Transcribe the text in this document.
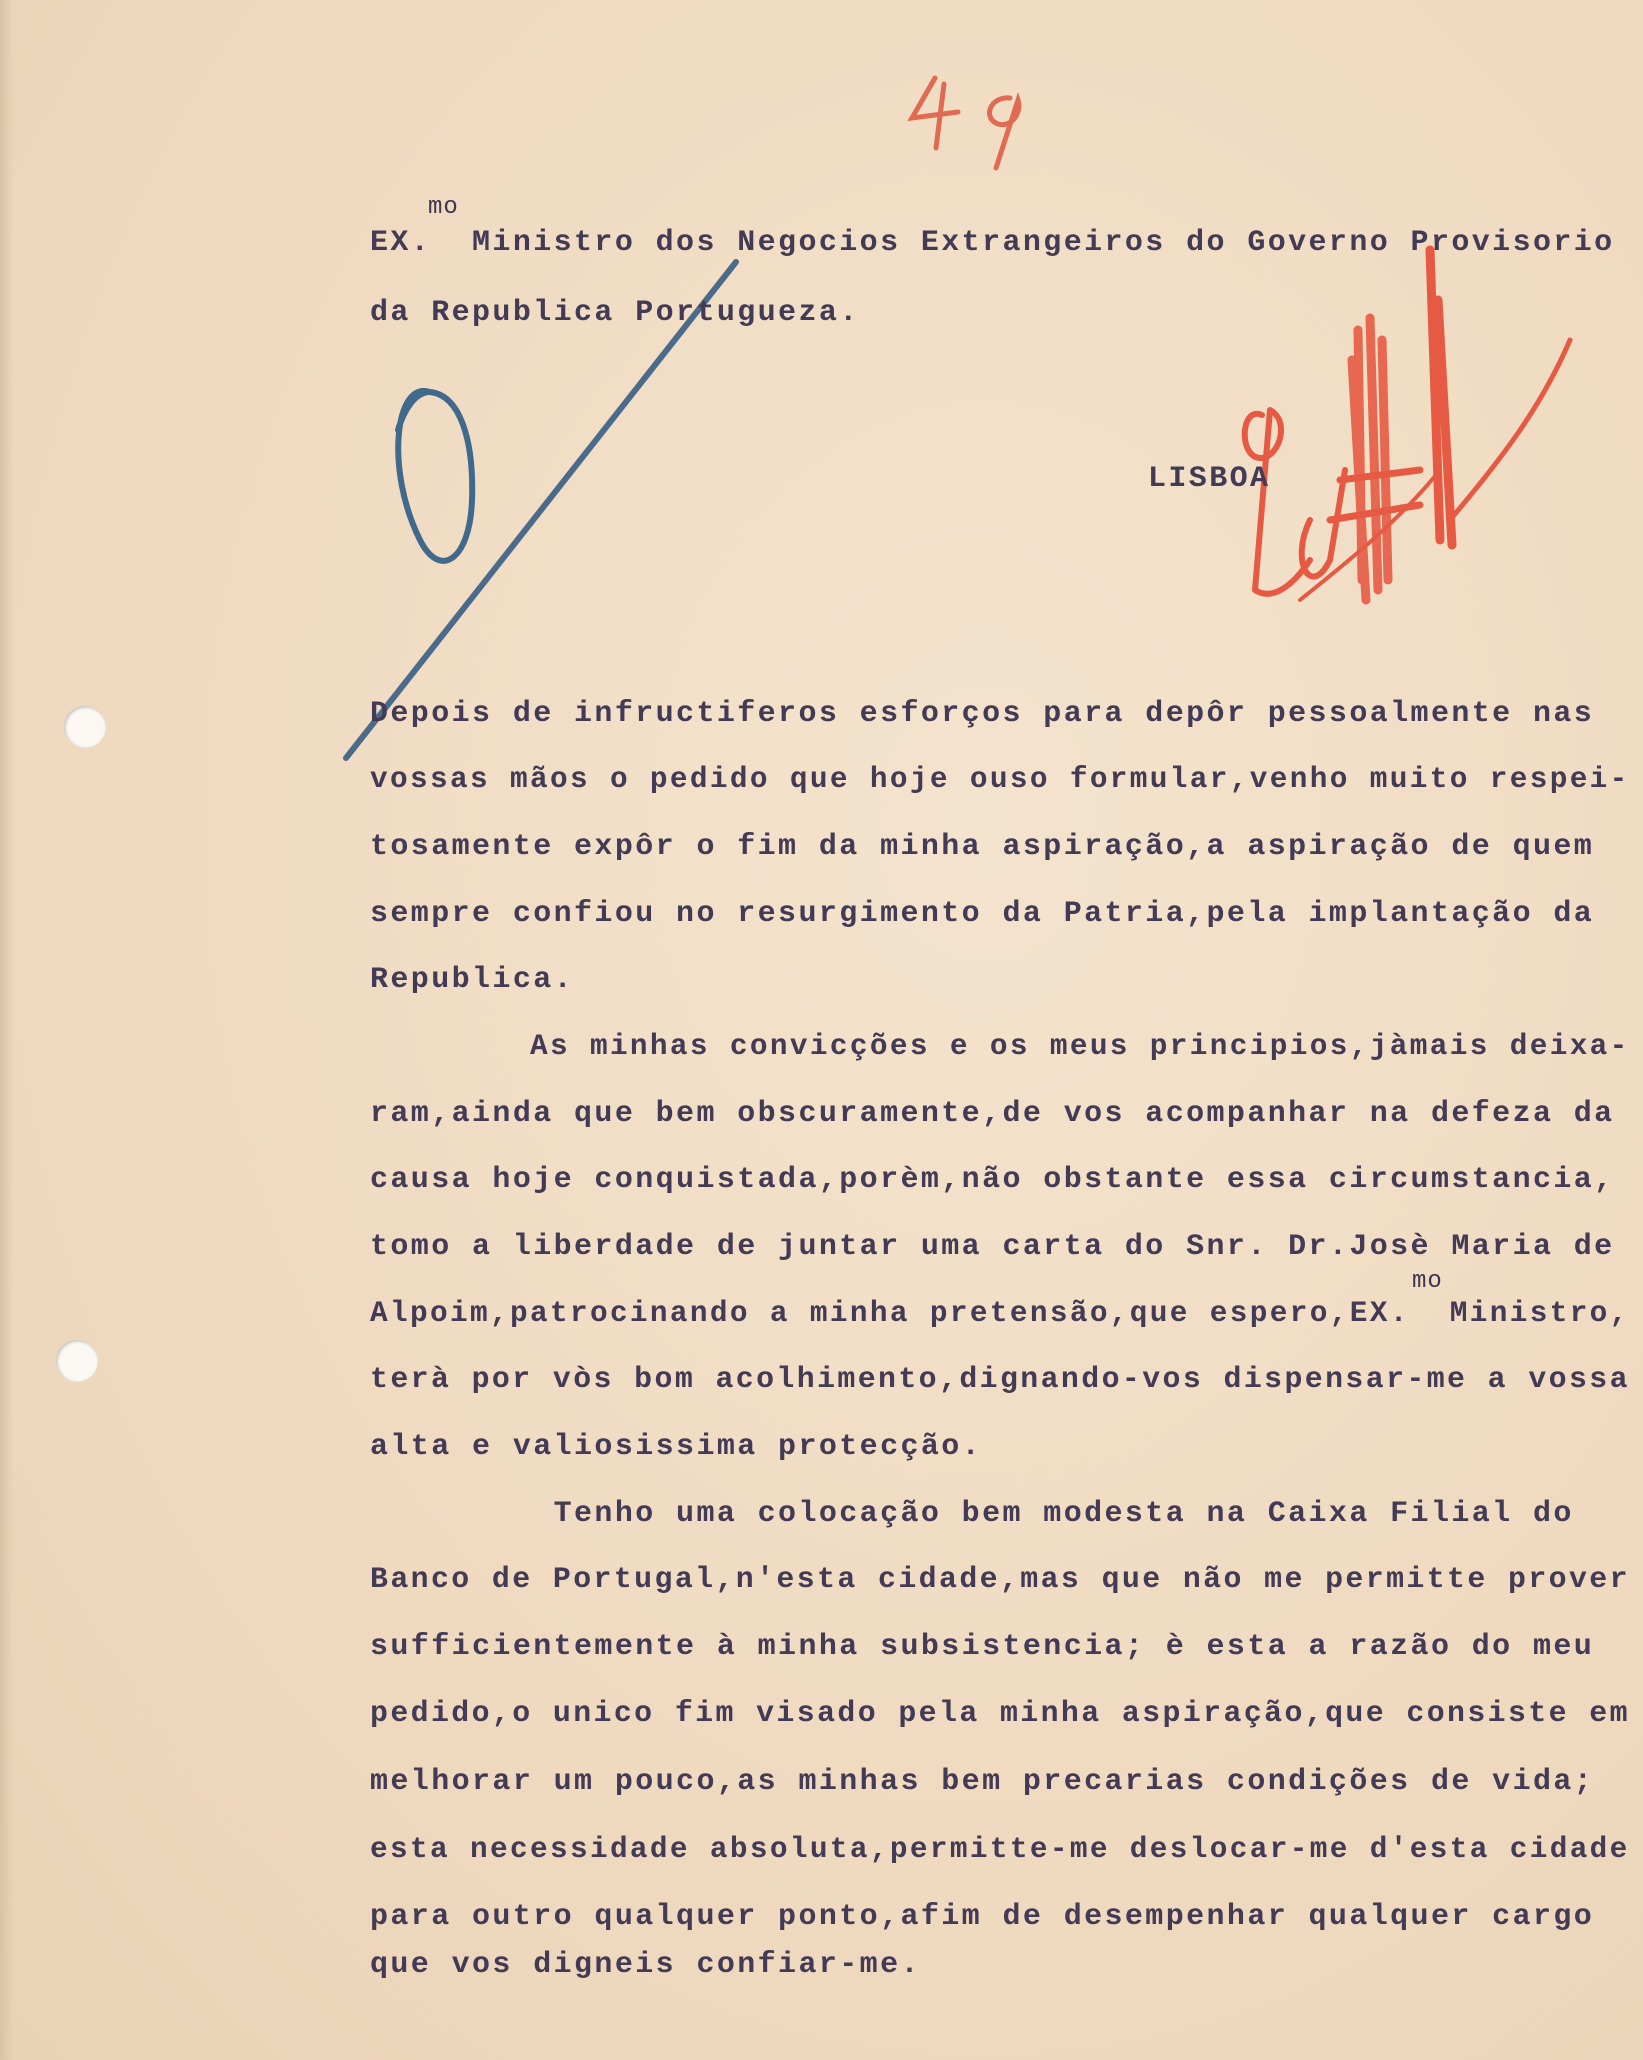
mo
EX.  Ministro dos Negocios Extrangeiros do Governo Provisorio
da Republica Portugueza.
LISBOA
Depois de infructiferos esforços para depôr pessoalmente nas
vossas mãos o pedido que hoje ouso formular,venho muito respei-
tosamente expôr o fim da minha aspiração,a aspiração de quem
sempre confiou no resurgimento da Patria,pela implantação da
Republica.
As minhas convicções e os meus principios,jàmais deixa-
ram,ainda que bem obscuramente,de vos acompanhar na defeza da
causa hoje conquistada,porèm,não obstante essa circumstancia,
tomo a liberdade de juntar uma carta do Snr. Dr.Josè Maria de
mo
Alpoim,patrocinando a minha pretensão,que espero,EX.  Ministro,
terà por vòs bom acolhimento,dignando-vos dispensar-me a vossa
alta e valiosissima protecção.
Tenho uma colocação bem modesta na Caixa Filial do
Banco de Portugal,n'esta cidade,mas que não me permitte prover
sufficientemente à minha subsistencia; è esta a razão do meu
pedido,o unico fim visado pela minha aspiração,que consiste em
melhorar um pouco,as minhas bem precarias condições de vida;
esta necessidade absoluta,permitte-me deslocar-me d'esta cidade
para outro qualquer ponto,afim de desempenhar qualquer cargo
que vos digneis confiar-me.
